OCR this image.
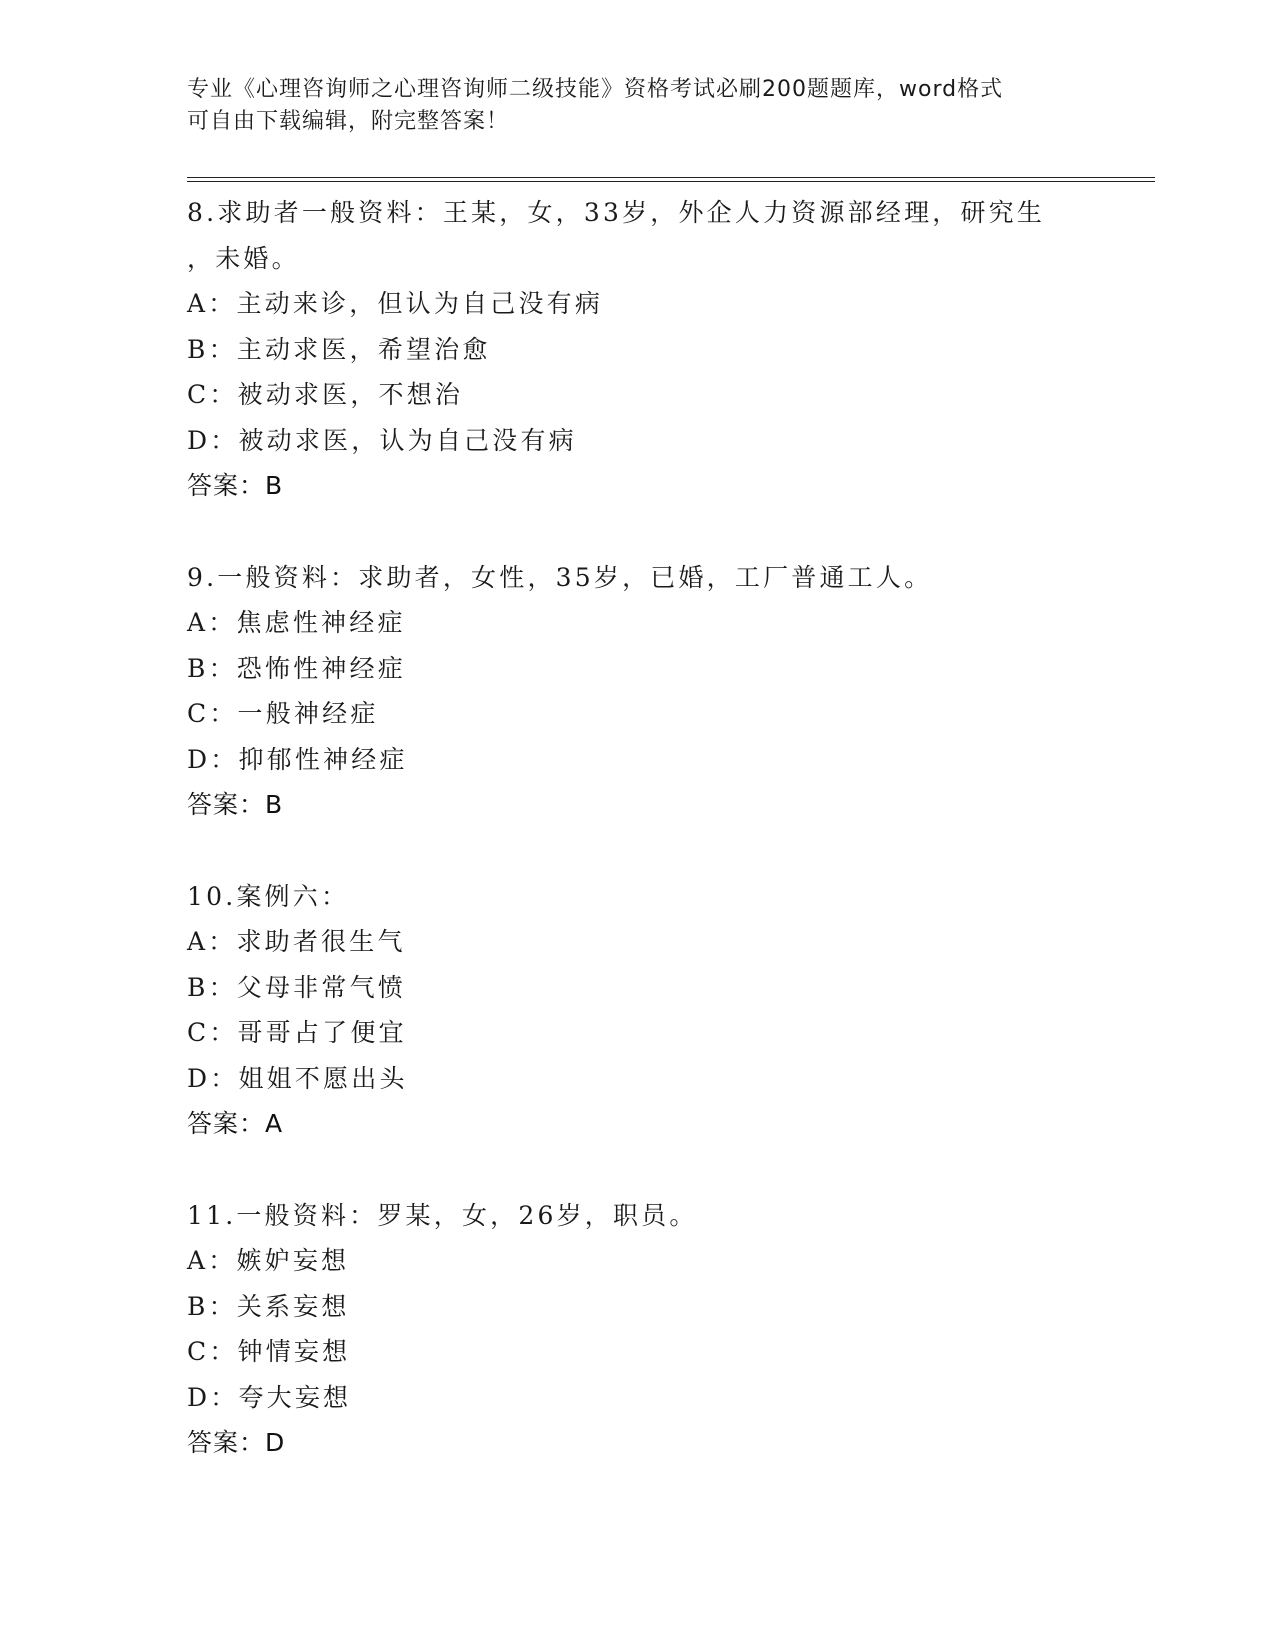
专业《心理咨询师之心理咨询师二级技能》资格考试必刷200题题库，word格式
可自由下载编辑，附完整答案！
8.求助者一般资料：王某，女，33岁，外企人力资源部经理，研究生
，未婚。
A：主动来诊，但认为自己没有病
B：主动求医，希望治愈
C：被动求医，不想治
D：被动求医，认为自己没有病
答案：B
9.一般资料：求助者，女性，35岁，已婚，工厂普通工人。
A：焦虑性神经症
B：恐怖性神经症
C：一般神经症
D：抑郁性神经症
答案：B
10.案例六：
A：求助者很生气
B：父母非常气愤
C：哥哥占了便宜
D：姐姐不愿出头
答案：A
11.一般资料：罗某，女，26岁，职员。
A：嫉妒妄想
B：关系妄想
C：钟情妄想
D：夸大妄想
答案：D
